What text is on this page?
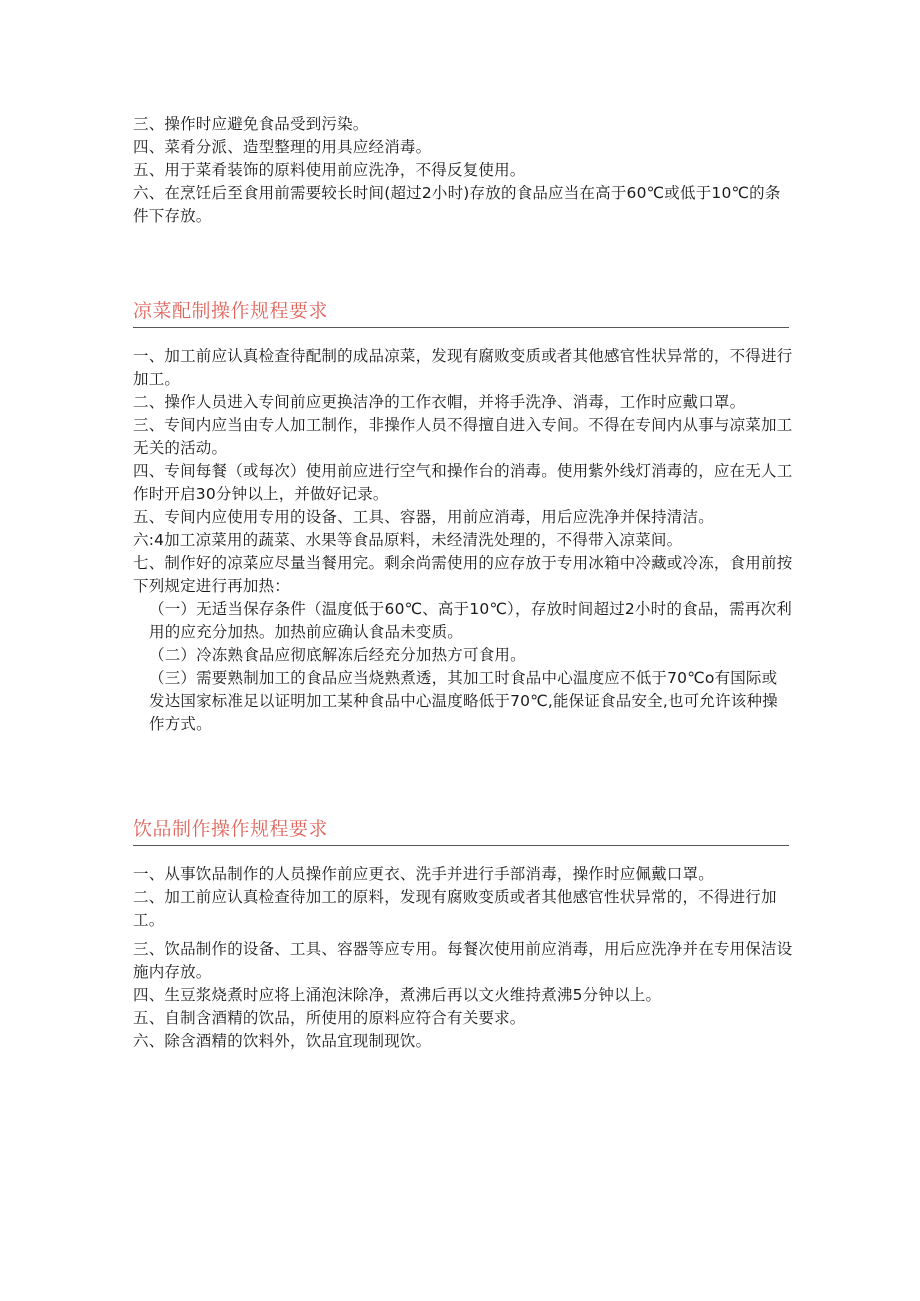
三、操作时应避免食品受到污染。

四、菜肴分派、造型整理的用具应经消毒。

五、用于菜肴装饰的原料使用前应洗净，不得反复使用。

六、在烹饪后至食用前需要较长时间(超过2小时)存放的食品应当在高于60℃或低于10℃的条件下存放。

凉菜配制操作规程要求

一、加工前应认真检查待配制的成品凉菜，发现有腐败变质或者其他感官性状异常的，不得进行加工。

二、操作人员进入专间前应更换洁净的工作衣帽，并将手洗净、消毒，工作时应戴口罩。

三、专间内应当由专人加工制作，非操作人员不得擅自进入专间。不得在专间内从事与凉菜加工无关的活动。

四、专间每餐（或每次）使用前应进行空气和操作台的消毒。使用紫外线灯消毒的，应在无人工作时开启30分钟以上，并做好记录。

五、专间内应使用专用的设备、工具、容器，用前应消毒，用后应洗净并保持清洁。

六:4加工凉菜用的蔬菜、水果等食品原料，未经清洗处理的，不得带入凉菜间。

七、制作好的凉菜应尽量当餐用完。剩余尚需使用的应存放于专用冰箱中冷藏或冷冻，食用前按下列规定进行再加热：

（一）无适当保存条件（温度低于60℃、高于10℃），存放时间超过2小时的食品，需再次利用的应充分加热。加热前应确认食品未变质。

（二）冷冻熟食品应彻底解冻后经充分加热方可食用。

（三）需要熟制加工的食品应当烧熟煮透，其加工时食品中心温度应不低于70℃o有国际或发达国家标准足以证明加工某种食品中心温度略低于70℃,能保证食品安全,也可允许该种操作方式。

饮品制作操作规程要求

一、从事饮品制作的人员操作前应更衣、洗手并进行手部消毒，操作时应佩戴口罩。

二、加工前应认真检查待加工的原料，发现有腐败变质或者其他感官性状异常的，不得进行加工。

三、饮品制作的设备、工具、容器等应专用。每餐次使用前应消毒，用后应洗净并在专用保洁设施内存放。

四、生豆浆烧煮时应将上涌泡沫除净，煮沸后再以文火维持煮沸5分钟以上。

五、自制含酒精的饮品，所使用的原料应符合有关要求。

六、除含酒精的饮料外，饮品宜现制现饮。
